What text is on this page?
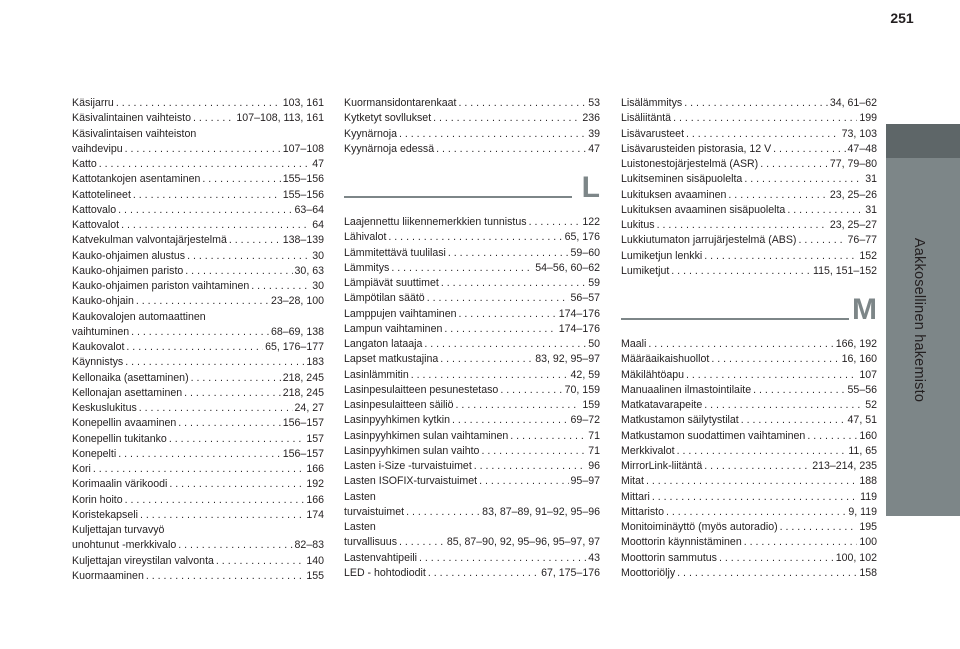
251
Aakkosellinen hakemisto
Käsijarru . . .	103, 161
Käsivalintainen vaihteisto . . .	107–108, 113, 161
Käsivalintaisen vaihteiston
vaihdevipu . . .	107–108
Katto . . .	47
Kattotankojen asentaminen . . .	155–156
Kattotelineet . . .	155–156
Kattovalo . . .	63–64
Kattovalot . . .	64
Katvekulman valvontajärjestelmä . . .	138–139
Kauko-ohjaimen alustus . . .	30
Kauko-ohjaimen paristo . . .	30, 63
Kauko-ohjaimen pariston vaihtaminen . . .	30
Kauko-ohjain . . .	23–28, 100
Kaukovalojen automaattinen
vaihtuminen . . .	68–69, 138
Kaukovalot . . .	65, 176–177
Käynnistys . . .	183
Kellonaika (asettaminen) . . .	218, 245
Kellonajan asettaminen . . .	218, 245
Keskuslukitus . . .	24, 27
Konepellin avaaminen . . .	156–157
Konepellin tukitanko . . .	157
Konepelti . . .	156–157
Kori . . .	166
Korimaalin värikoodi . . .	192
Korin hoito . . .	166
Koristekapseli . . .	174
Kuljettajan turvavyö
unohtunut -merkkivalo . . .	82–83
Kuljettajan vireystilan valvonta . . .	140
Kuormaaminen . . .	155
Kuormansidontarenkaat . . .	53
Kytketyt sovllukset . . .	236
Kyynärnoja . . .	39
Kyynärnoja edessä . . .	47
L
Laajennettu liikennemerkkien tunnistus . . .	122
Lähivalot . . .	65, 176
Lämmitettävä tuulilasi . . .	59–60
Lämmitys . . .	54–56, 60–62
Lämpiävät suuttimet . . .	59
Lämpötilan säätö . . .	56–57
Lamppujen vaihtaminen . . .	174–176
Lampun vaihtaminen . . .	174–176
Langaton lataaja . . .	50
Lapset matkustajina . . .	83, 92, 95–97
Lasinlämmitin . . .	42, 59
Lasinpesulaitteen pesunestetaso . . .	70, 159
Lasinpesulaitteen säiliö . . .	159
Lasinpyyhkimen kytkin . . .	69–72
Lasinpyyhkimen sulan vaihtaminen . . .	71
Lasinpyyhkimen sulan vaihto . . .	71
Lasten i-Size -turvaistuimet . . .	96
Lasten ISOFIX-turvaistuimet . . .	95–97
Lasten
turvaistuimet . . .	83, 87–89, 91–92, 95–96
Lasten
turvallisuus . . .	85, 87–90, 92, 95–96, 95–97, 97
Lastenvahtipeili . . .	43
LED - hohtodiodit . . .	67, 175–176
Lisälämmitys . . .	34, 61–62
Lisäliitäntä . . .	199
Lisävarusteet . . .	73, 103
Lisävarusteiden pistorasia, 12 V . . .	47–48
Luistonestojärjestelmä (ASR) . . .	77, 79–80
Lukitseminen sisäpuolelta . . .	31
Lukituksen avaaminen . . .	23, 25–26
Lukituksen avaaminen sisäpuolelta . . .	31
Lukitus . . .	23, 25–27
Lukkiutumaton jarrujärjestelmä (ABS) . . .	76–77
Lumiketjun lenkki . . .	152
Lumiketjut . . .	115, 151–152
M
Maali . . .	166, 192
Määräaikaishuollot . . .	16, 160
Mäkilähtöapu . . .	107
Manuaalinen ilmastointilaite . . .	55–56
Matkatavarapeite . . .	52
Matkustamon säilytystilat . . .	47, 51
Matkustamon suodattimen vaihtaminen . . .	160
Merkkivalot . . .	11, 65
MirrorLink-liitäntä . . .	213–214, 235
Mitat . . .	188
Mittari . . .	119
Mittaristo . . .	9, 119
Monitoiminäyttö (myös autoradio) . . .	195
Moottorin käynnistäminen . . .	100
Moottorin sammutus . . .	100, 102
Moottoriöljy . . .	158
